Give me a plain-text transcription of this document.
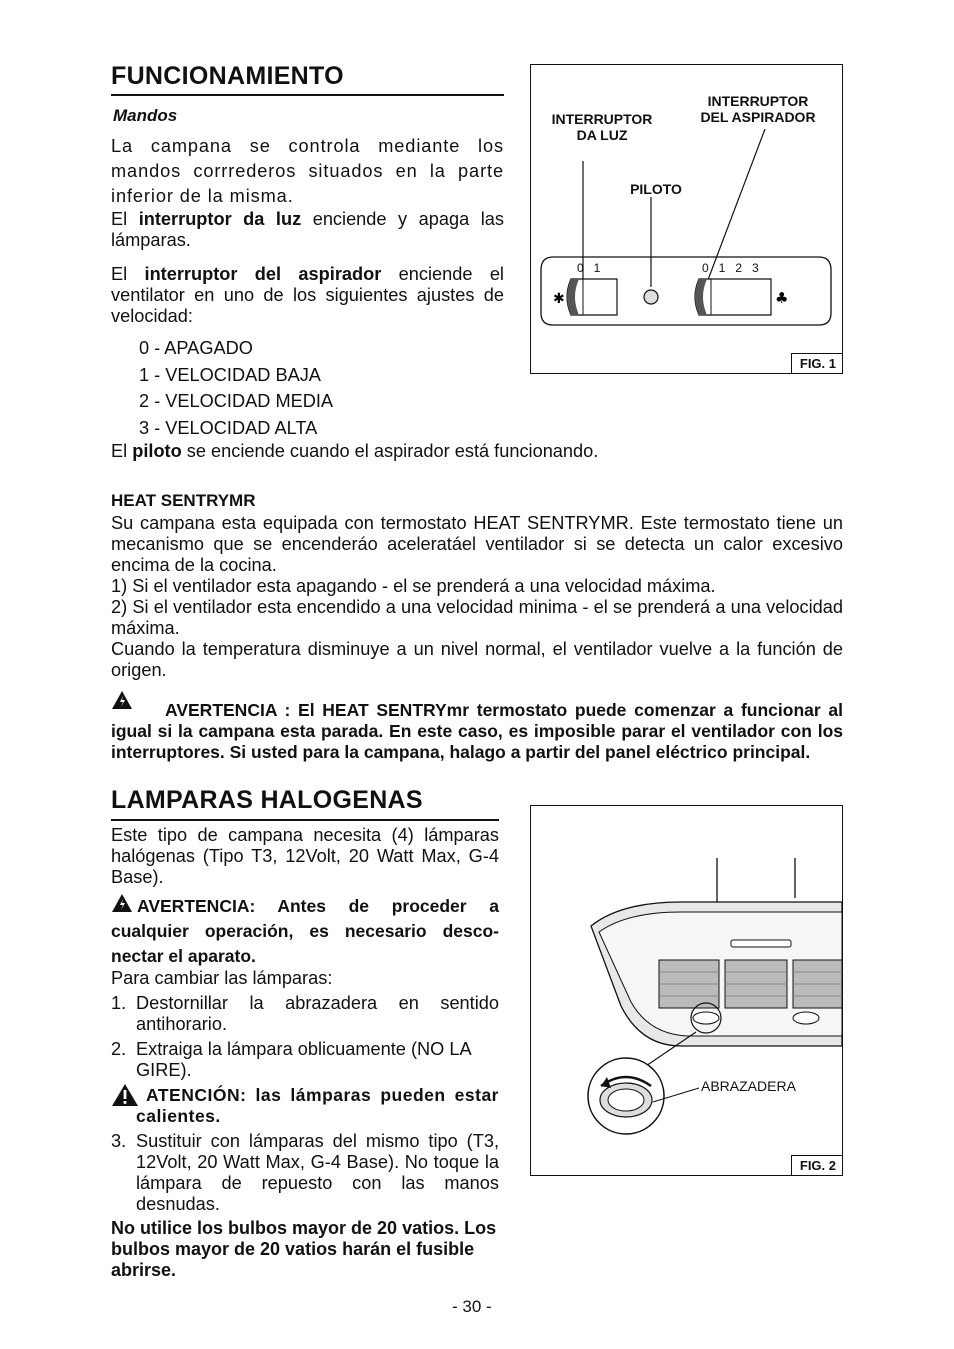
FUNCIONAMIENTO
Mandos
La campana se controla mediante los mandos corrrederos situados en la parte inferior de la misma.
El interruptor da luz enciende y apaga las lámparas.
El interruptor del aspirador enciende el ventilator en uno de los siguientes ajustes de velocidad:
0 - APAGADO
1 - VELOCIDAD BAJA
2 - VELOCIDAD MEDIA
3 - VELOCIDAD ALTA
El piloto se enciende cuando el aspirador está funcionando.
INTERRUPTOR
DA LUZ
INTERRUPTOR
DEL ASPIRADOR
PILOTO
0   1	0   1   2   3
✱	♣
FIG. 1
HEAT SENTRYMR
Su campana esta equipada con termostato HEAT SENTRYMR. Este termostato tiene un mecanismo que se encenderáo aceleratáel ventilador si se detecta un calor excesivo encima de la cocina.
1) Si el ventilador esta apagando - el se prenderá a una velocidad máxima.
2) Si el ventilador esta encendido a una velocidad minima - el se prenderá a una velocidad máxima.
Cuando la temperatura disminuye a un nivel normal, el ventilador vuelve a la función de origen.
AVERTENCIA : El HEAT SENTRYmr termostato puede comenzar a funcionar al igual si la campana esta parada. En este caso, es imposible parar el ventilador con los interruptores. Si usted para la campana, halago a partir del panel eléctrico principal.
LAMPARAS HALOGENAS
Este tipo de campana necesita (4) lámparas halógenas (Tipo T3, 12Volt, 20 Watt Max, G-4 Base).
AVERTENCIA: Antes de proceder a cualquier operación, es necesario desco-nectar el aparato.
Para cambiar las lámparas:
1. Destornillar la abrazadera en sentido antihorario.
2. Extraiga la lámpara oblicuamente (NO LA GIRE).
ATENCIÓN: las lámparas pueden estar calientes.
3. Sustituir con lámparas del mismo tipo (T3, 12Volt, 20 Watt Max, G-4 Base). No toque la lámpara de repuesto con las manos desnudas.
No utilice los bulbos mayor de 20 vatios. Los bulbos mayor de 20 vatios harán el fusible abrirse.
ABRAZADERA
FIG. 2
- 30 -
